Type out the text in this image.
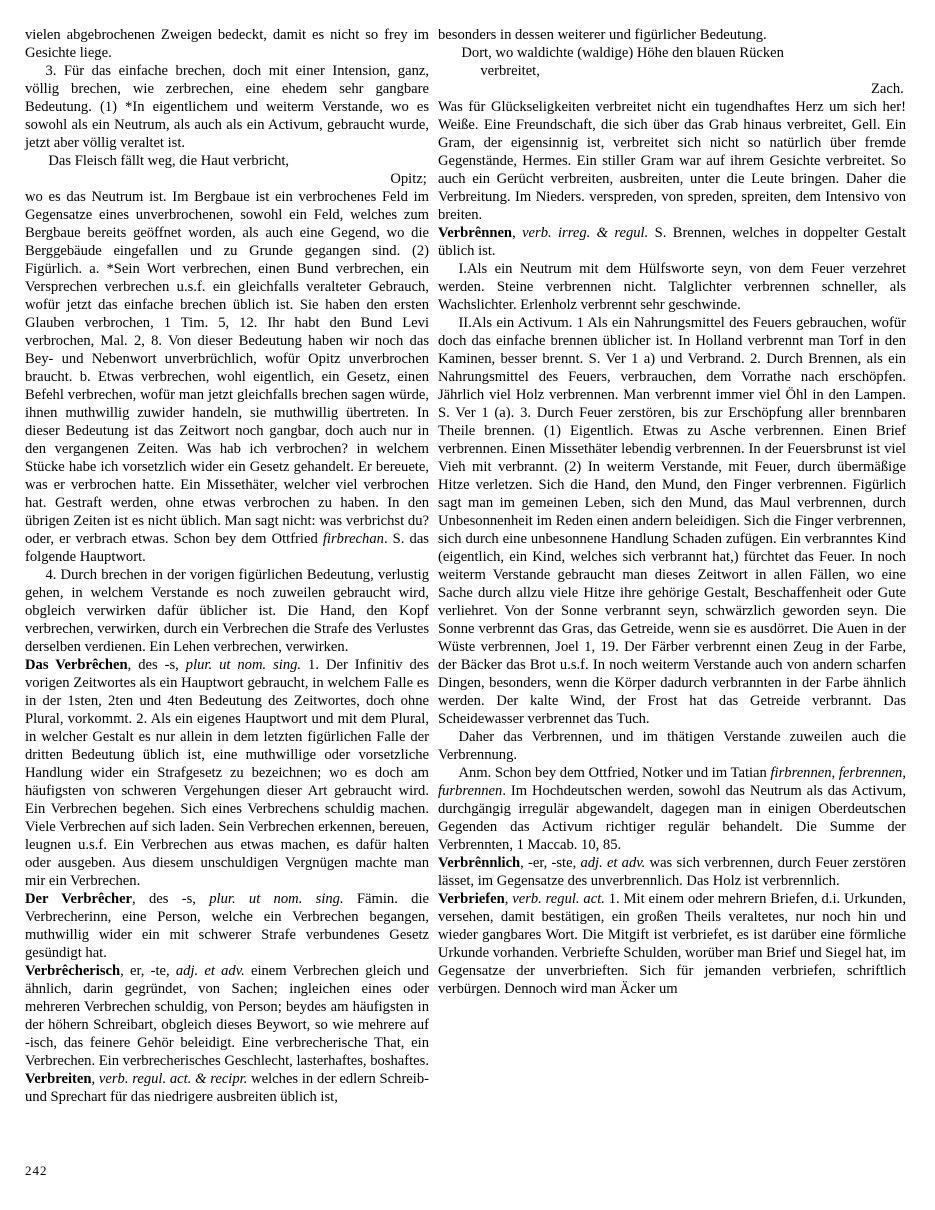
vielen abgebrochenen Zweigen bedeckt, damit es nicht so frey im Gesichte liege.

3. Für das einfache brechen, doch mit einer Intension, ganz, völlig brechen, wie zerbrechen, eine ehedem sehr gangbare Bedeutung. (1) *In eigentlichem und weiterm Verstande, wo es sowohl als ein Neutrum, als auch als ein Activum, gebraucht wurde, jetzt aber völlig veraltet ist.

Das Fleisch fällt weg, die Haut verbricht,

Opitz;

wo es das Neutrum ist. Im Bergbaue ist ein verbrochenes Feld im Gegensatze eines unverbrochenen, sowohl ein Feld, welches zum Bergbaue bereits geöffnet worden, als auch eine Gegend, wo die Berggebäude eingefallen und zu Grunde gegangen sind. (2) Figürlich. a. *Sein Wort verbrechen, einen Bund verbrechen, ein Versprechen verbrechen u.s.f. ein gleichfalls veralteter Gebrauch, wofür jetzt das einfache brechen üblich ist. Sie haben den ersten Glauben verbrochen, 1 Tim. 5, 12. Ihr habt den Bund Levi verbrochen, Mal. 2, 8. Von dieser Bedeutung haben wir noch das Bey- und Nebenwort unverbrüchlich, wofür Opitz unverbrochen braucht. b. Etwas verbrechen, wohl eigentlich, ein Gesetz, einen Befehl verbrechen, wofür man jetzt gleichfalls brechen sagen würde, ihnen muthwillig zuwider handeln, sie muthwillig übertreten. In dieser Bedeutung ist das Zeitwort noch gangbar, doch auch nur in den vergangenen Zeiten. Was hab ich verbrochen? in welchem Stücke habe ich vorsetzlich wider ein Gesetz gehandelt. Er bereuete, was er verbrochen hatte. Ein Missethäter, welcher viel verbrochen hat. Gestraft werden, ohne etwas verbrochen zu haben. In den übrigen Zeiten ist es nicht üblich. Man sagt nicht: was verbrichst du? oder, er verbrach etwas. Schon bey dem Ottfried firbrechan. S. das folgende Hauptwort.

4. Durch brechen in der vorigen figürlichen Bedeutung, verlustig gehen, in welchem Verstande es noch zuweilen gebraucht wird, obgleich verwirken dafür üblicher ist. Die Hand, den Kopf verbrechen, verwirken, durch ein Verbrechen die Strafe des Verlustes derselben verdienen. Ein Lehen verbrechen, verwirken.

Das Verbrêchen, des -s, plur. ut nom. sing. 1. Der Infinitiv des vorigen Zeitwortes als ein Hauptwort gebraucht, in welchem Falle es in der 1sten, 2ten und 4ten Bedeutung des Zeitwortes, doch ohne Plural, vorkommt. 2. Als ein eigenes Hauptwort und mit dem Plural, in welcher Gestalt es nur allein in dem letzten figürlichen Falle der dritten Bedeutung üblich ist, eine muthwillige oder vorsetzliche Handlung wider ein Strafgesetz zu bezeichnen; wo es doch am häufigsten von schweren Vergehungen dieser Art gebraucht wird. Ein Verbrechen begehen. Sich eines Verbrechens schuldig machen. Viele Verbrechen auf sich laden. Sein Verbrechen erkennen, bereuen, leugnen u.s.f. Ein Verbrechen aus etwas machen, es dafür halten oder ausgeben. Aus diesem unschuldigen Vergnügen machte man mir ein Verbrechen.

Der Verbrêcher, des -s, plur. ut nom. sing. Fämin. die Verbrecherinn, eine Person, welche ein Verbrechen begangen, muthwillig wider ein mit schwerer Strafe verbundenes Gesetz gesündigt hat.

Verbrêcherisch, er, -te, adj. et adv. einem Verbrechen gleich und ähnlich, darin gegründet, von Sachen; ingleichen eines oder mehreren Verbrechen schuldig, von Person; beydes am häufigsten in der höhern Schreibart, obgleich dieses Beywort, so wie mehrere auf -isch, das feinere Gehör beleidigt. Eine verbrecherische That, ein Verbrechen. Ein verbrecherisches Geschlecht, lasterhaftes, boshaftes.

Verbreiten, verb. regul. act. & recipr. welches in der edlern Schreib- und Sprechart für das niedrigere ausbreiten üblich ist,

besonders in dessen weiterer und figürlicher Bedeutung.

Dort, wo waldichte (waldige) Höhe den blauen Rücken

verbreitet,

Zach.

Was für Glückseligkeiten verbreitet nicht ein tugendhaftes Herz um sich her! Weiße. Eine Freundschaft, die sich über das Grab hinaus verbreitet, Gell. Ein Gram, der eigensinnig ist, verbreitet sich nicht so natürlich über fremde Gegenstände, Hermes. Ein stiller Gram war auf ihrem Gesichte verbreitet. So auch ein Gerücht verbreiten, ausbreiten, unter die Leute bringen. Daher die Verbreitung. Im Nieders. verspreden, von spreden, spreiten, dem Intensivo von breiten.

Verbrênnen, verb. irreg. & regul. S. Brennen, welches in doppelter Gestalt üblich ist.

I.Als ein Neutrum mit dem Hülfsworte seyn, von dem Feuer verzehret werden. Steine verbrennen nicht. Talglichter verbrennen schneller, als Wachslichter. Erlenholz verbrennt sehr geschwinde.

II.Als ein Activum. 1 Als ein Nahrungsmittel des Feuers gebrauchen, wofür doch das einfache brennen üblicher ist. In Holland verbrennt man Torf in den Kaminen, besser brennt. S. Ver 1 a) und Verbrand. 2. Durch Brennen, als ein Nahrungsmittel des Feuers, verbrauchen, dem Vorrathe nach erschöpfen. Jährlich viel Holz verbrennen. Man verbrennt immer viel Öhl in den Lampen. S. Ver 1 (a). 3. Durch Feuer zerstören, bis zur Erschöpfung aller brennbaren Theile brennen. (1) Eigentlich. Etwas zu Asche verbrennen. Einen Brief verbrennen. Einen Missethäter lebendig verbrennen. In der Feuersbrunst ist viel Vieh mit verbrannt. (2) In weiterm Verstande, mit Feuer, durch übermäßige Hitze verletzen. Sich die Hand, den Mund, den Finger verbrennen. Figürlich sagt man im gemeinen Leben, sich den Mund, das Maul verbrennen, durch Unbesonnenheit im Reden einen andern beleidigen. Sich die Finger verbrennen, sich durch eine unbesonnene Handlung Schaden zufügen. Ein verbranntes Kind (eigentlich, ein Kind, welches sich verbrannt hat,) fürchtet das Feuer. In noch weiterm Verstande gebraucht man dieses Zeitwort in allen Fällen, wo eine Sache durch allzu viele Hitze ihre gehörige Gestalt, Beschaffenheit oder Gute verliehret. Von der Sonne verbrannt seyn, schwärzlich geworden seyn. Die Sonne verbrennt das Gras, das Getreide, wenn sie es ausdörret. Die Auen in der Wüste verbrennen, Joel 1, 19. Der Färber verbrennt einen Zeug in der Farbe, der Bäcker das Brot u.s.f. In noch weiterm Verstande auch von andern scharfen Dingen, besonders, wenn die Körper dadurch verbrannten in der Farbe ähnlich werden. Der kalte Wind, der Frost hat das Getreide verbrannt. Das Scheidewasser verbrennet das Tuch.

Daher das Verbrennen, und im thätigen Verstande zuweilen auch die Verbrennung.

Anm. Schon bey dem Ottfried, Notker und im Tatian firbrennen, ferbrennen, furbrennen. Im Hochdeutschen werden, sowohl das Neutrum als das Activum, durchgängig irregulär abgewandelt, dagegen man in einigen Oberdeutschen Gegenden das Activum richtiger regulär behandelt. Die Summe der Verbrennten, 1 Maccab. 10, 85.

Verbrênnlich, -er, -ste, adj. et adv. was sich verbrennen, durch Feuer zerstören lässet, im Gegensatze des unverbrennlich. Das Holz ist verbrennlich.

Verbriefen, verb. regul. act. 1. Mit einem oder mehrern Briefen, d.i. Urkunden, versehen, damit bestätigen, ein großen Theils veraltetes, nur noch hin und wieder gangbares Wort. Die Mitgift ist verbriefet, es ist darüber eine förmliche Urkunde vorhanden. Verbriefte Schulden, worüber man Brief und Siegel hat, im Gegensatze der unverbrieften. Sich für jemanden verbriefen, schriftlich verbürgen. Dennoch wird man Äcker um

242
